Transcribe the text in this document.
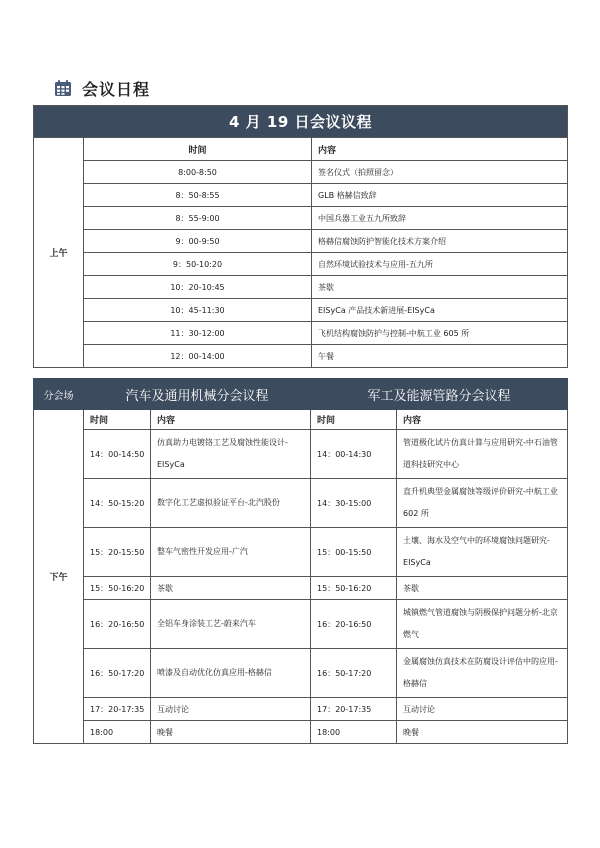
会议日程
4 月 19 日会议议程		
上午	时间	内容
	8:00-8:50	签名仪式（拍照留念）
	8：50-8:55	GLB 格赫信致辞
	8：55-9:00	中国兵器工业五九所致辞
	9：00-9:50	格赫信腐蚀防护智能化技术方案介绍
	9：50-10:20	自然环境试验技术与应用-五九所
	10：20-10:45	茶歇
	10：45-11:30	EISyCa 产品技术新进展-EISyCa
	11：30-12:00	飞机结构腐蚀防护与控制-中航工业 605 所
	12：00-14:00	午餐
分会场	汽车及通用机械分会议程		军工及能源管路分会议程	
下午	时间	内容	时间	内容
	14：00-14:50	仿真助力电镀铬工艺及腐蚀性能设计-EISyCa	14：00-14:30	管道极化试片仿真计算与应用研究-中石油管道科技研究中心
	14：50-15:20	数字化工艺虚拟验证平台-北汽股份	14：30-15:00	直升机典型金属腐蚀等级评价研究-中航工业 602 所
	15：20-15:50	整车气密性开发应用-广汽	15：00-15:50	土壤、海水及空气中的环境腐蚀问题研究-EISyCa
	15：50-16:20	茶歇	15：50-16:20	茶歇
	16：20-16:50	全铝车身涂装工艺-蔚来汽车	16：20-16:50	城镇燃气管道腐蚀与阴极保护问题分析-北京燃气
	16：50-17:20	喷漆及自动优化仿真应用-格赫信	16：50-17:20	金属腐蚀仿真技术在防腐设计评估中的应用-格赫信
	17：20-17:35	互动讨论	17：20-17:35	互动讨论
	18:00	晚餐	18:00	晚餐
